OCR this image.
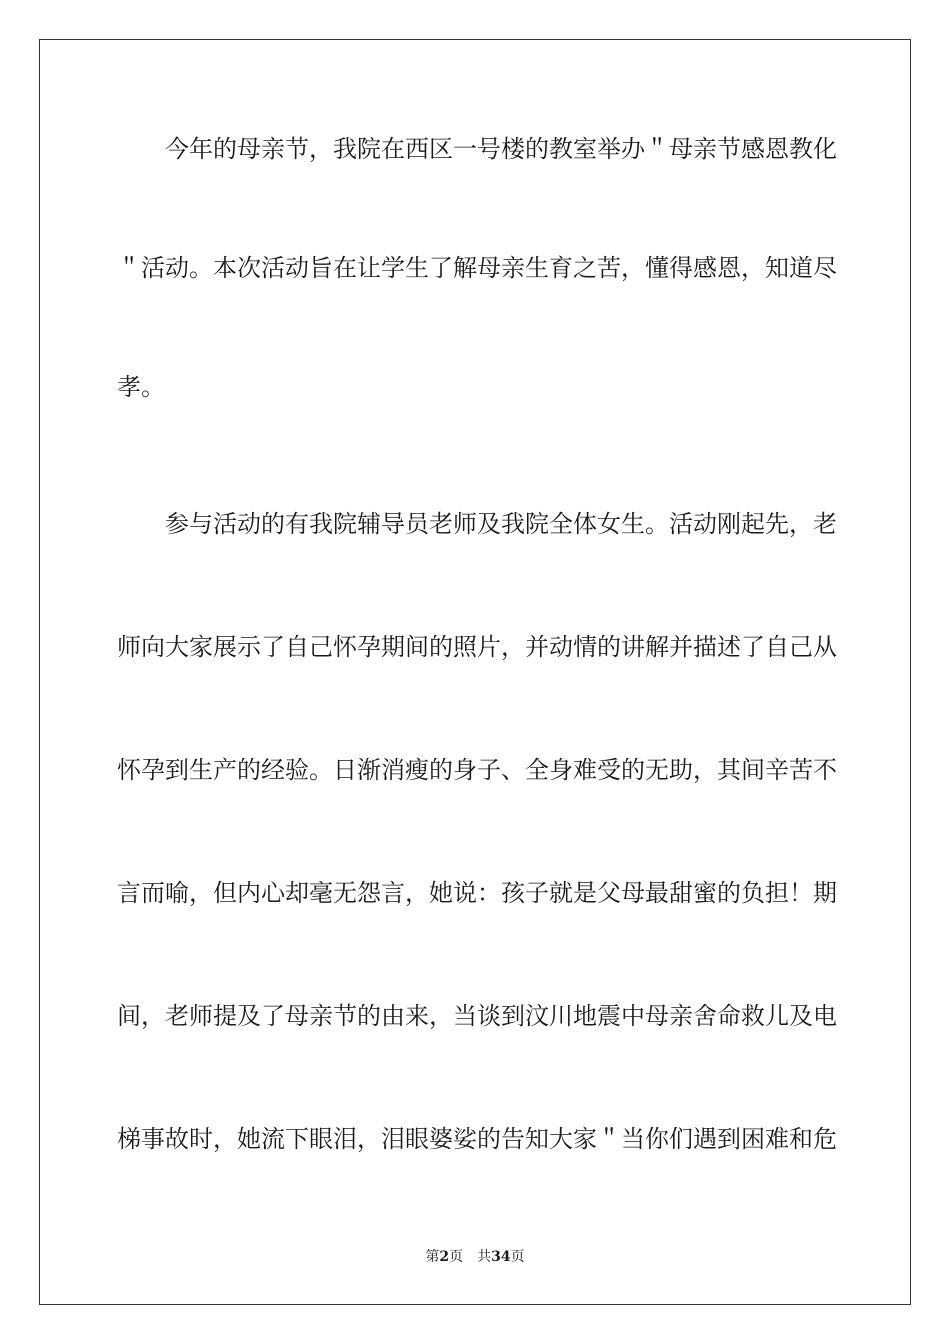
今年的母亲节，我院在西区一号楼的教室举办＂母亲节感恩教化
＂活动。本次活动旨在让学生了解母亲生育之苦，懂得感恩，知道尽
孝。
参与活动的有我院辅导员老师及我院全体女生。活动刚起先，老
师向大家展示了自己怀孕期间的照片，并动情的讲解并描述了自己从
怀孕到生产的经验。日渐消瘦的身子、全身难受的无助，其间辛苦不
言而喻，但内心却毫无怨言，她说：孩子就是父母最甜蜜的负担！期
间，老师提及了母亲节的由来，当谈到汶川地震中母亲舍命救儿及电
梯事故时，她流下眼泪，泪眼婆娑的告知大家＂当你们遇到困难和危
第2页 共34页
